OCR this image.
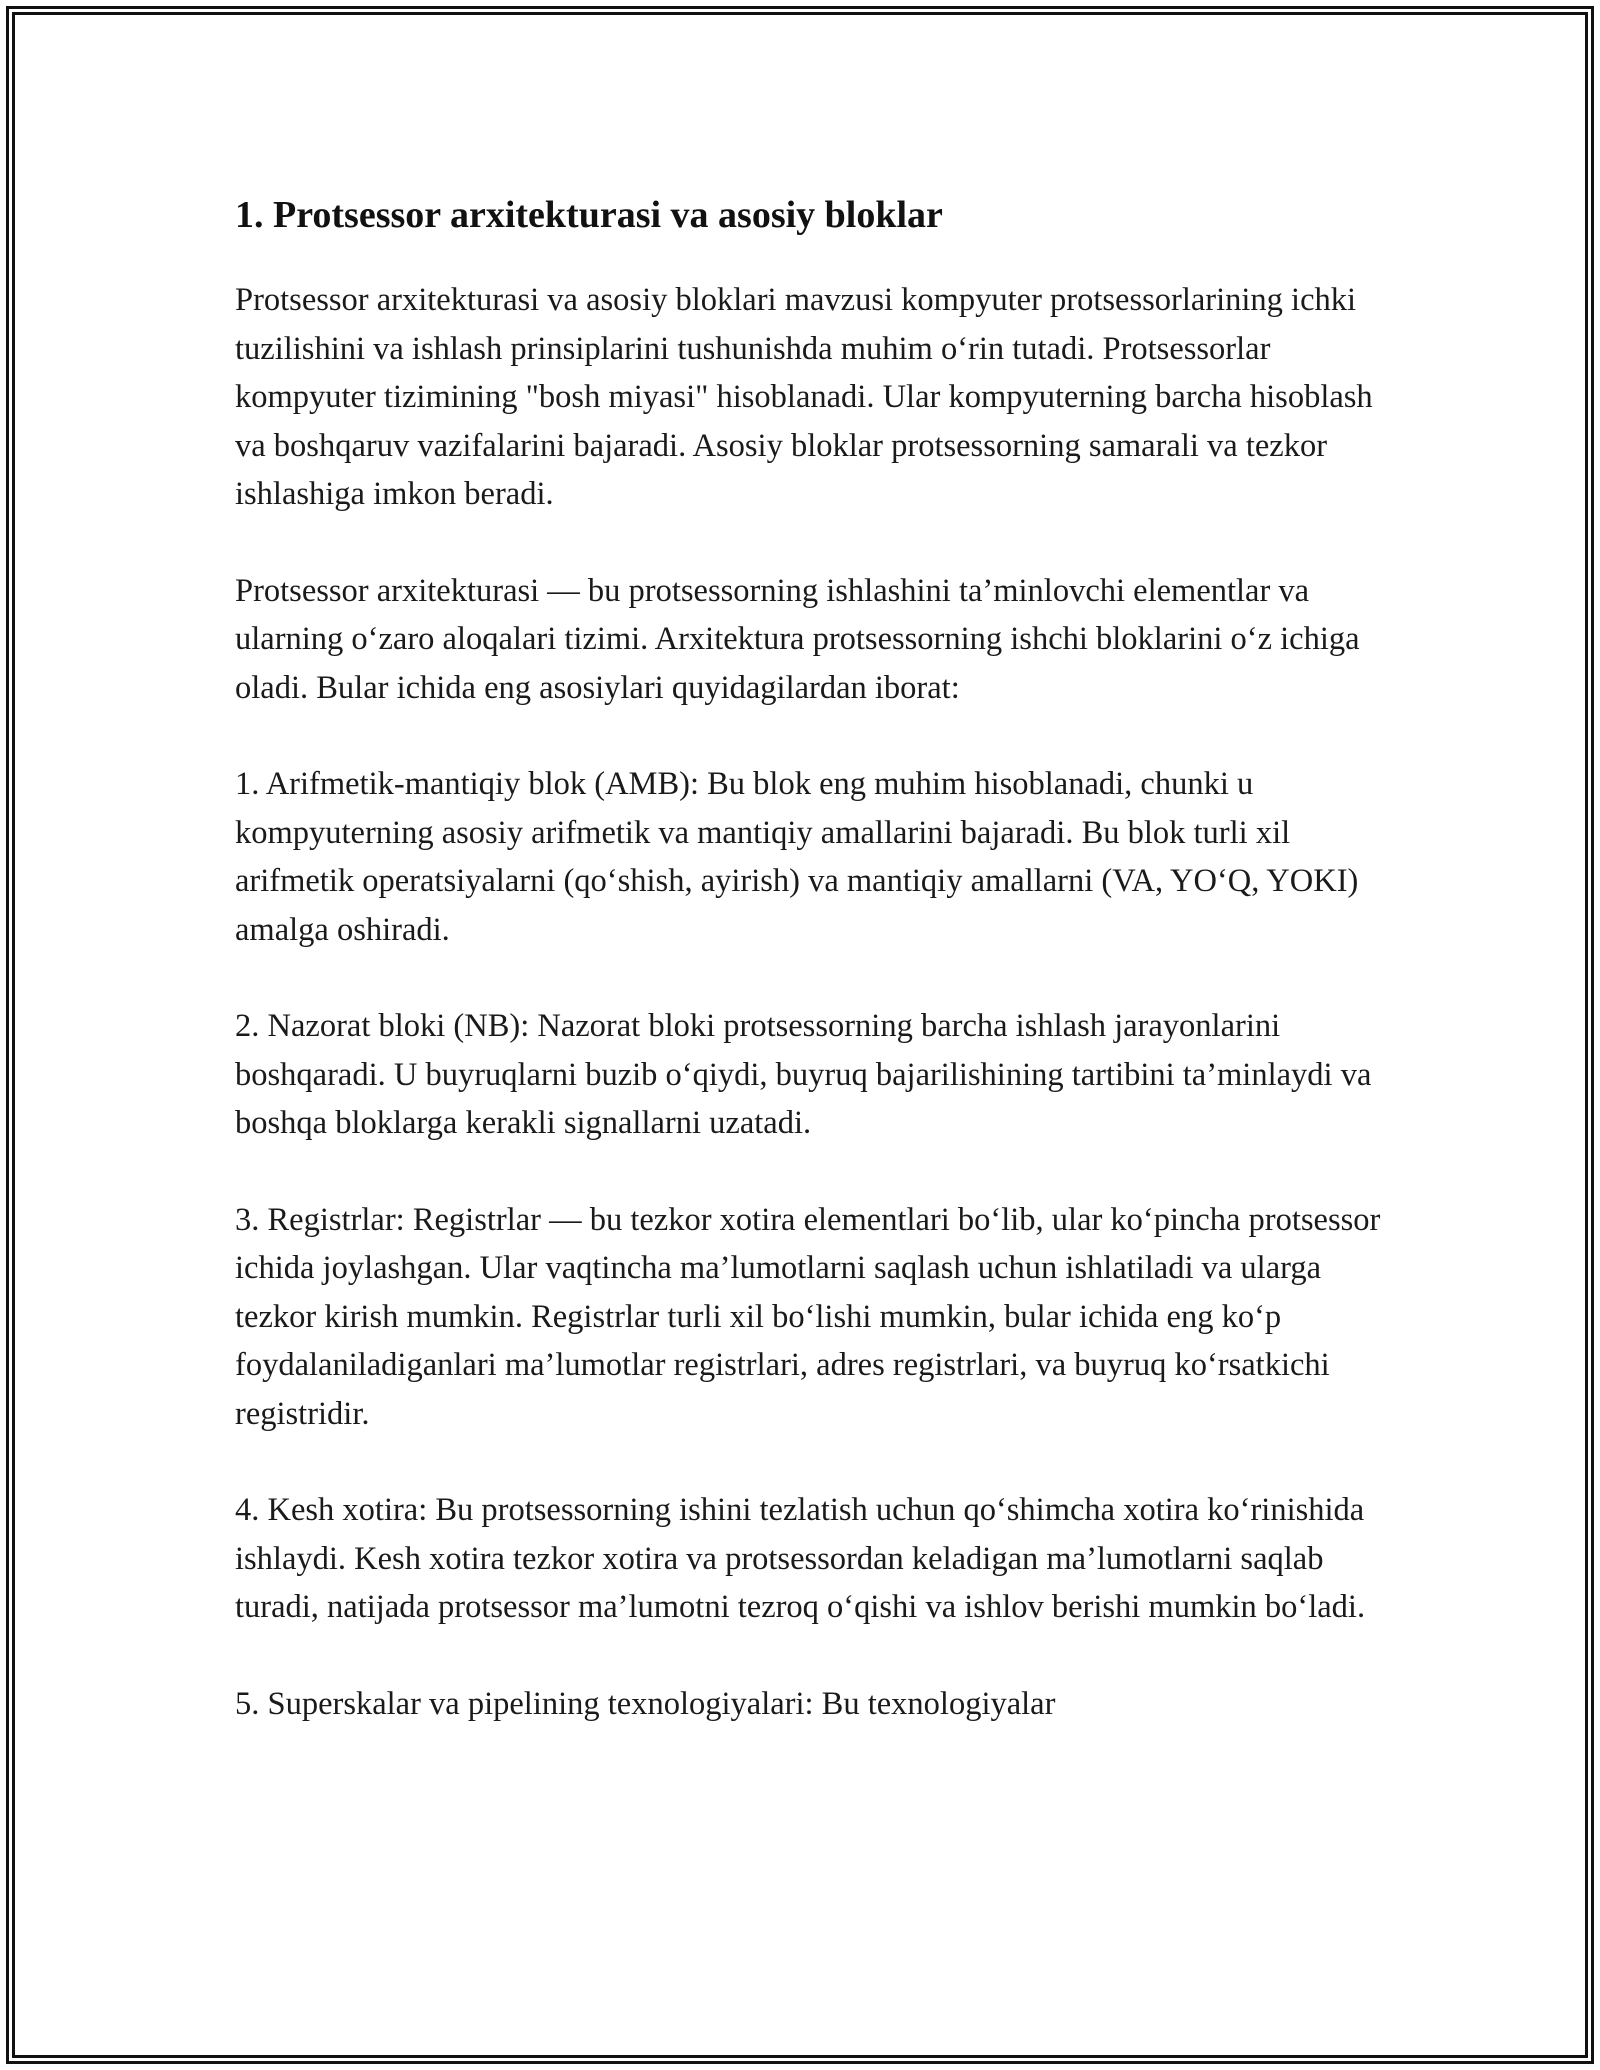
1. Protsessor arxitekturasi va asosiy bloklar

Protsessor arxitekturasi va asosiy bloklari mavzusi kompyuter protsessorlarining ichki tuzilishini va ishlash prinsiplarini tushunishda muhim o‘rin tutadi. Protsessorlar kompyuter tizimining "bosh miyasi" hisoblanadi. Ular kompyuterning barcha hisoblash va boshqaruv vazifalarini bajaradi. Asosiy bloklar protsessorning samarali va tezkor ishlashiga imkon beradi.

Protsessor arxitekturasi — bu protsessorning ishlashini ta’minlovchi elementlar va ularning o‘zaro aloqalari tizimi. Arxitektura protsessorning ishchi bloklarini o‘z ichiga oladi. Bular ichida eng asosiylari quyidagilardan iborat:

1. Arifmetik-mantiqiy blok (AMB): Bu blok eng muhim hisoblanadi, chunki u kompyuterning asosiy arifmetik va mantiqiy amallarini bajaradi. Bu blok turli xil arifmetik operatsiyalarni (qo‘shish, ayirish) va mantiqiy amallarni (VA, YO‘Q, YOKI) amalga oshiradi.

2. Nazorat bloki (NB): Nazorat bloki protsessorning barcha ishlash jarayonlarini boshqaradi. U buyruqlarni buzib o‘qiydi, buyruq bajarilishining tartibini ta’minlaydi va boshqa bloklarga kerakli signallarni uzatadi.

3. Registrlar: Registrlar — bu tezkor xotira elementlari bo‘lib, ular ko‘pincha protsessor ichida joylashgan. Ular vaqtincha ma’lumotlarni saqlash uchun ishlatiladi va ularga tezkor kirish mumkin. Registrlar turli xil bo‘lishi mumkin, bular ichida eng ko‘p foydalaniladiganlari ma’lumotlar registrlari, adres registrlari, va buyruq ko‘rsatkichi registridir.

4. Kesh xotira: Bu protsessorning ishini tezlatish uchun qo‘shimcha xotira ko‘rinishida ishlaydi. Kesh xotira tezkor xotira va protsessordan keladigan ma’lumotlarni saqlab turadi, natijada protsessor ma’lumotni tezroq o‘qishi va ishlov berishi mumkin bo‘ladi.

5. Superskalar va pipelining texnologiyalari: Bu texnologiyalar
